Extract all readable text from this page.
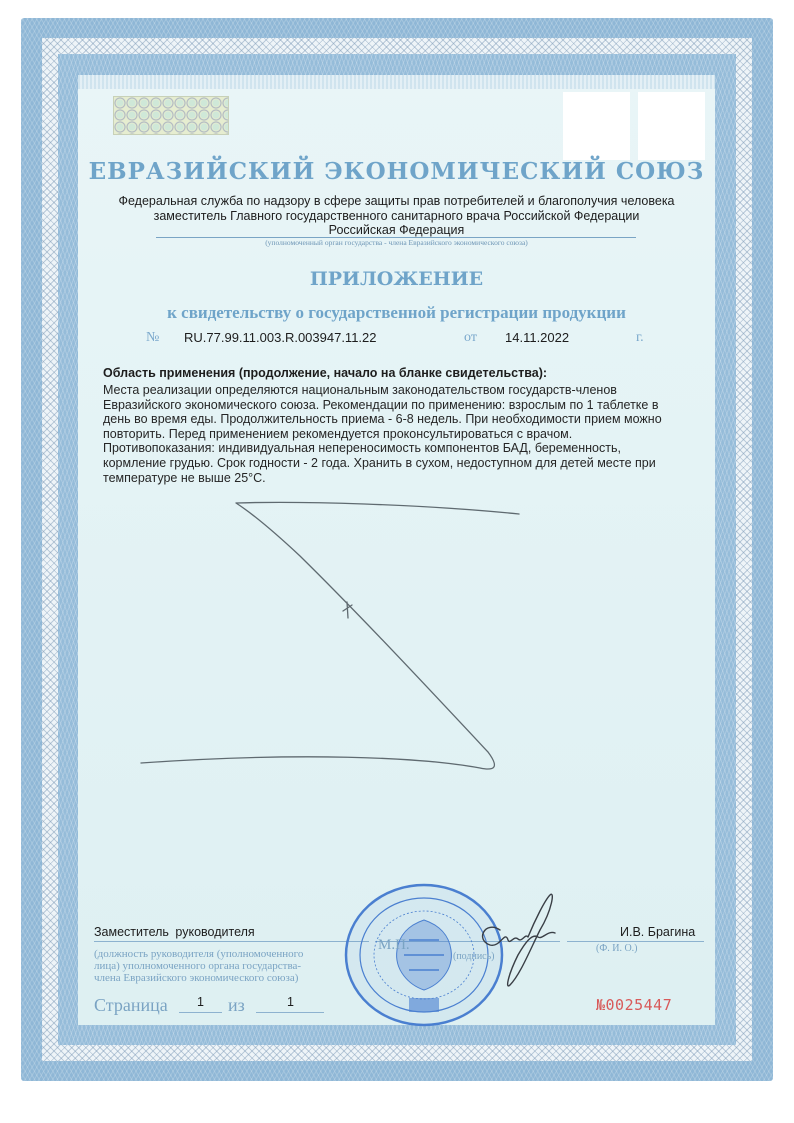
ЕВРАЗИЙСКИЙ ЭКОНОМИЧЕСКИЙ СОЮЗ
Федеральная служба по надзору в сфере защиты прав потребителей и благополучия человека
заместитель Главного государственного санитарного врача Российской Федерации
Российская Федерация
(уполномоченный орган государства - члена Евразийского экономического союза)
ПРИЛОЖЕНИЕ
к свидетельству о государственной регистрации продукции
№ RU.77.99.11.003.R.003947.11.22	от 14.11.2022	г.
Область применения (продолжение, начало на бланке свидетельства):
Места реализации определяются национальным законодательством государств-членов
Евразийского экономического союза. Рекомендации по применению: взрослым по 1 таблетке в
день во время еды. Продолжительность приема - 6-8 недель. При необходимости прием можно
повторить. Перед применением рекомендуется проконсультироваться с врачом.
Противопоказания: индивидуальная непереносимость компонентов БАД, беременность,
кормление грудью. Срок годности - 2 года. Хранить в сухом, недоступном для детей месте при
температуре не выше 25°С.
Заместитель руководителя	И.В. Брагина
(Ф. И. О.)
(должность руководителя (уполномоченного
лица) уполномоченного органа государства-
члена Евразийского экономического союза)
Страница 1 из	1	№0025447
М.П.
(подпись)
